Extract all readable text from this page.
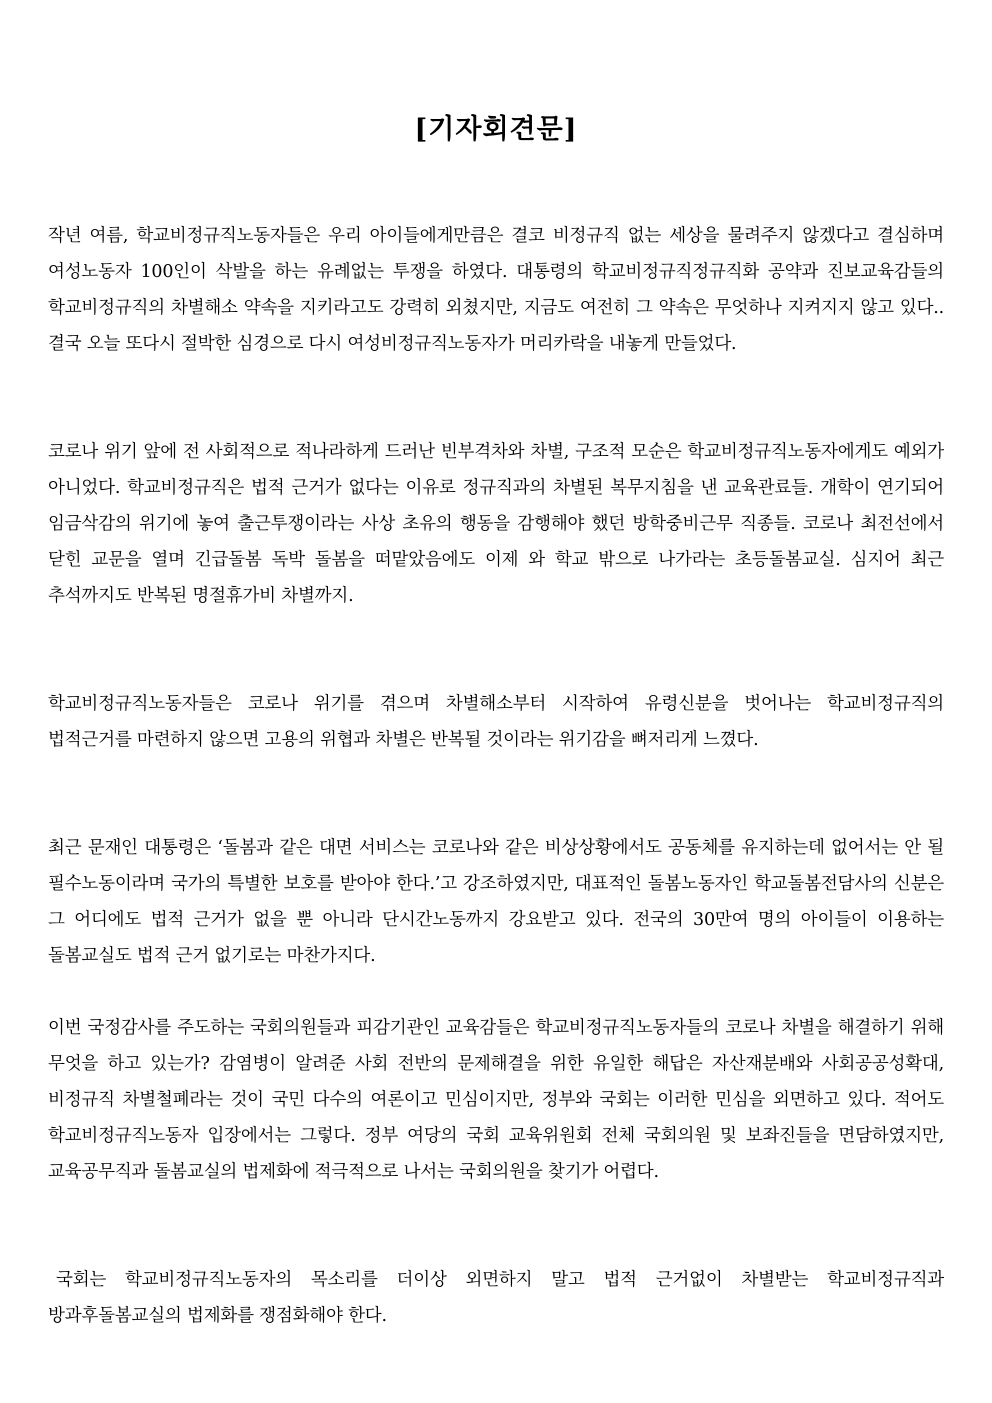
[기자회견문]
작년 여름, 학교비정규직노동자들은 우리 아이들에게만큼은 결코 비정규직 없는 세상을 물려주지 않겠다고 결심하며 여성노동자 100인이 삭발을 하는 유례없는 투쟁을 하였다. 대통령의 학교비정규직정규직화 공약과 진보교육감들의 학교비정규직의 차별해소 약속을 지키라고도 강력히 외쳤지만, 지금도 여전히 그 약속은 무엇하나 지켜지지 않고 있다..결국 오늘 또다시 절박한 심경으로 다시 여성비정규직노동자가 머리카락을 내놓게 만들었다.
코로나 위기 앞에 전 사회적으로 적나라하게 드러난 빈부격차와 차별, 구조적 모순은 학교비정규직노동자에게도 예외가 아니었다. 학교비정규직은 법적 근거가 없다는 이유로 정규직과의 차별된 복무지침을 낸 교육관료들. 개학이 연기되어 임금삭감의 위기에 놓여 출근투쟁이라는 사상 초유의 행동을 감행해야 했던 방학중비근무 직종들. 코로나 최전선에서 닫힌 교문을 열며 긴급돌봄 독박 돌봄을 떠맡았음에도 이제 와 학교 밖으로 나가라는 초등돌봄교실. 심지어 최근 추석까지도 반복된 명절휴가비 차별까지.
학교비정규직노동자들은 코로나 위기를 겪으며 차별해소부터 시작하여 유령신분을 벗어나는 학교비정규직의 법적근거를 마련하지 않으면 고용의 위협과 차별은 반복될 것이라는 위기감을 뼈저리게 느꼈다.
최근 문재인 대통령은 ‘돌봄과 같은 대면 서비스는 코로나와 같은 비상상황에서도 공동체를 유지하는데 없어서는 안 될 필수노동이라며 국가의 특별한 보호를 받아야 한다.’고 강조하였지만, 대표적인 돌봄노동자인 학교돌봄전담사의 신분은 그 어디에도 법적 근거가 없을 뿐 아니라 단시간노동까지 강요받고 있다. 전국의 30만여 명의 아이들이 이용하는 돌봄교실도 법적 근거 없기로는 마찬가지다.
이번 국정감사를 주도하는 국회의원들과 피감기관인 교육감들은 학교비정규직노동자들의 코로나 차별을 해결하기 위해 무엇을 하고 있는가? 감염병이 알려준 사회 전반의 문제해결을 위한 유일한 해답은 자산재분배와 사회공공성확대, 비정규직 차별철폐라는 것이 국민 다수의 여론이고 민심이지만, 정부와 국회는 이러한 민심을 외면하고 있다. 적어도 학교비정규직노동자 입장에서는 그렇다. 정부 여당의 국회 교육위원회 전체 국회의원 및 보좌진들을 면담하였지만, 교육공무직과 돌봄교실의 법제화에 적극적으로 나서는 국회의원을 찾기가 어렵다.
국회는 학교비정규직노동자의 목소리를 더이상 외면하지 말고 법적 근거없이 차별받는 학교비정규직과 방과후돌봄교실의 법제화를 쟁점화해야 한다.
